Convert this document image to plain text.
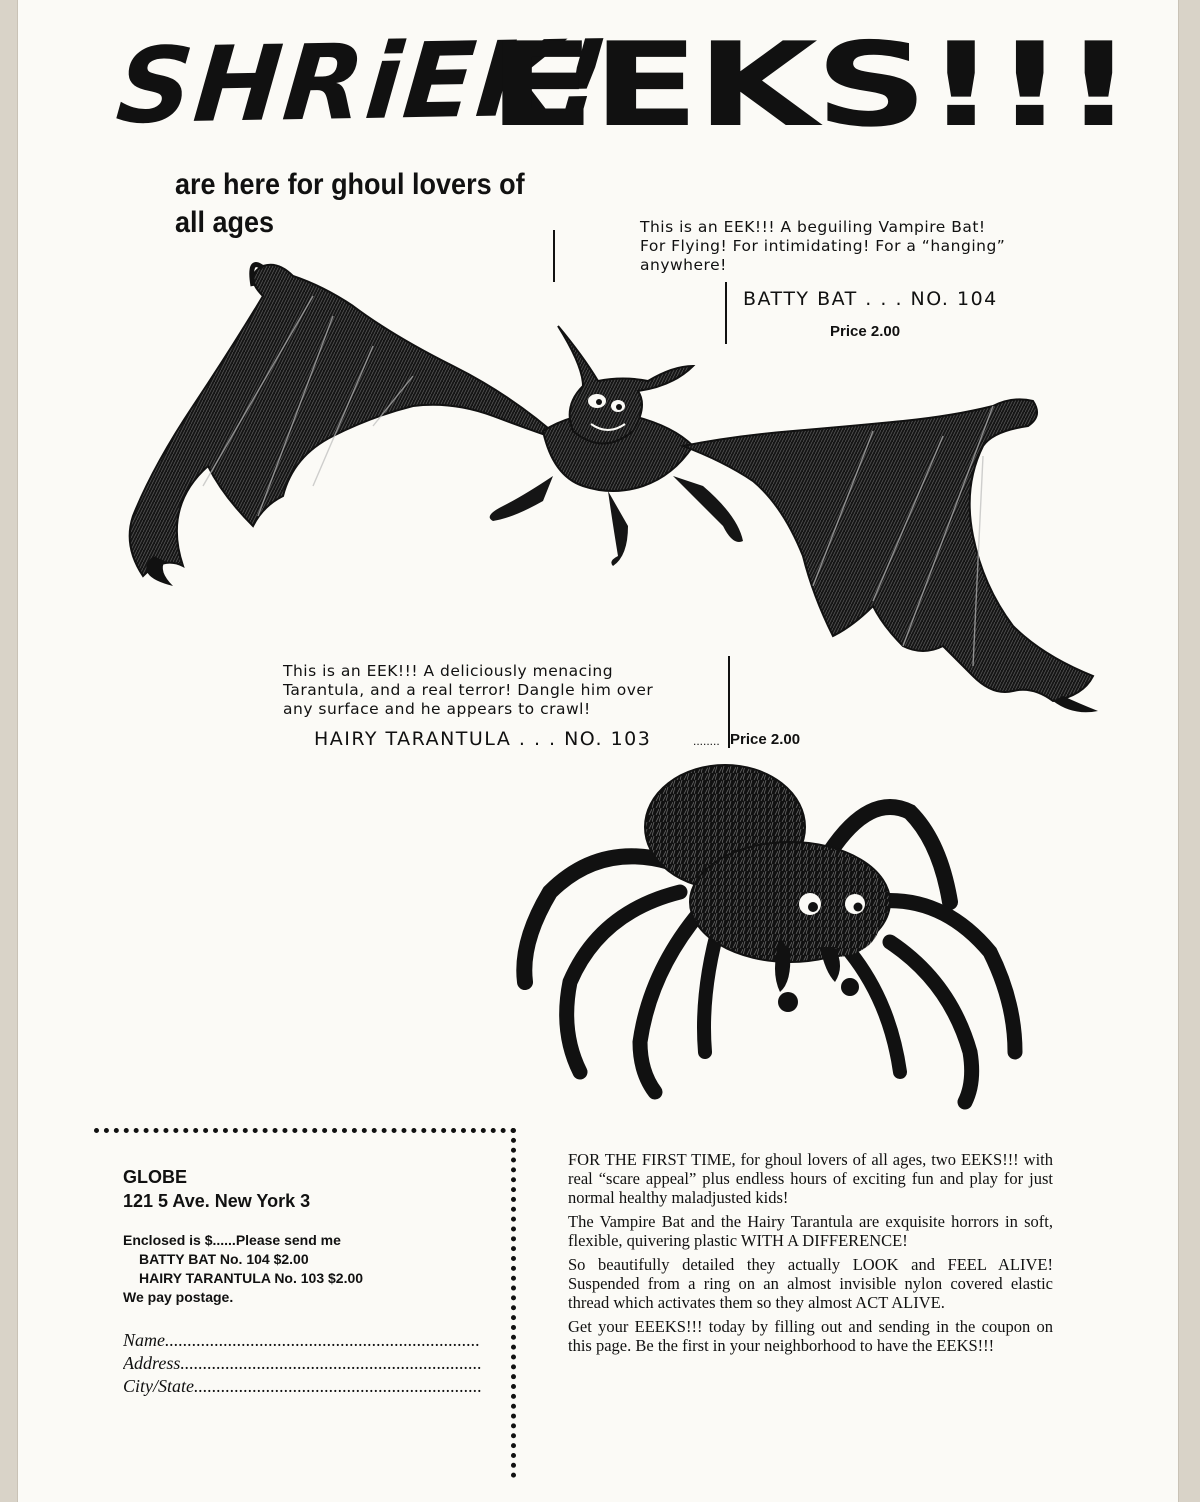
SHRiEK!
EEKS!!!
are here for ghoul lovers of
all ages	This is an EEK!!! A beguiling Vampire Bat!
For Flying! For intimidating! For a “hanging”
anywhere!
BATTY BAT . . . NO. 104
Price 2.00
This is an EEK!!! A deliciously menacing
Tarantula, and a real terror! Dangle him over
any surface and he appears to crawl!
HAIRY TARANTULA . . . NO. 103	........ Price 2.00
GLOBE
121 5 Ave. New York 3
Enclosed is $......Please send me
BATTY BAT No. 104 $2.00
HAIRY TARANTULA No. 103 $2.00
We pay postage.
Name......................................................................
Address...................................................................
City/State................................................................

FOR THE FIRST TIME, for ghoul lovers of all ages, two EEKS!!! with real “scare appeal” plus endless hours of exciting fun and play for just normal healthy maladjusted kids!

The Vampire Bat and the Hairy Tarantula are exquisite horrors in soft, flexible, quivering plastic WITH A DIFFERENCE!

So beautifully detailed they actually LOOK and FEEL ALIVE! Suspended from a ring on an almost invisible nylon covered elastic thread which activates them so they almost ACT ALIVE.

Get your EEEKS!!! today by filling out and sending in the coupon on this page. Be the first in your neighborhood to have the EEKS!!!
